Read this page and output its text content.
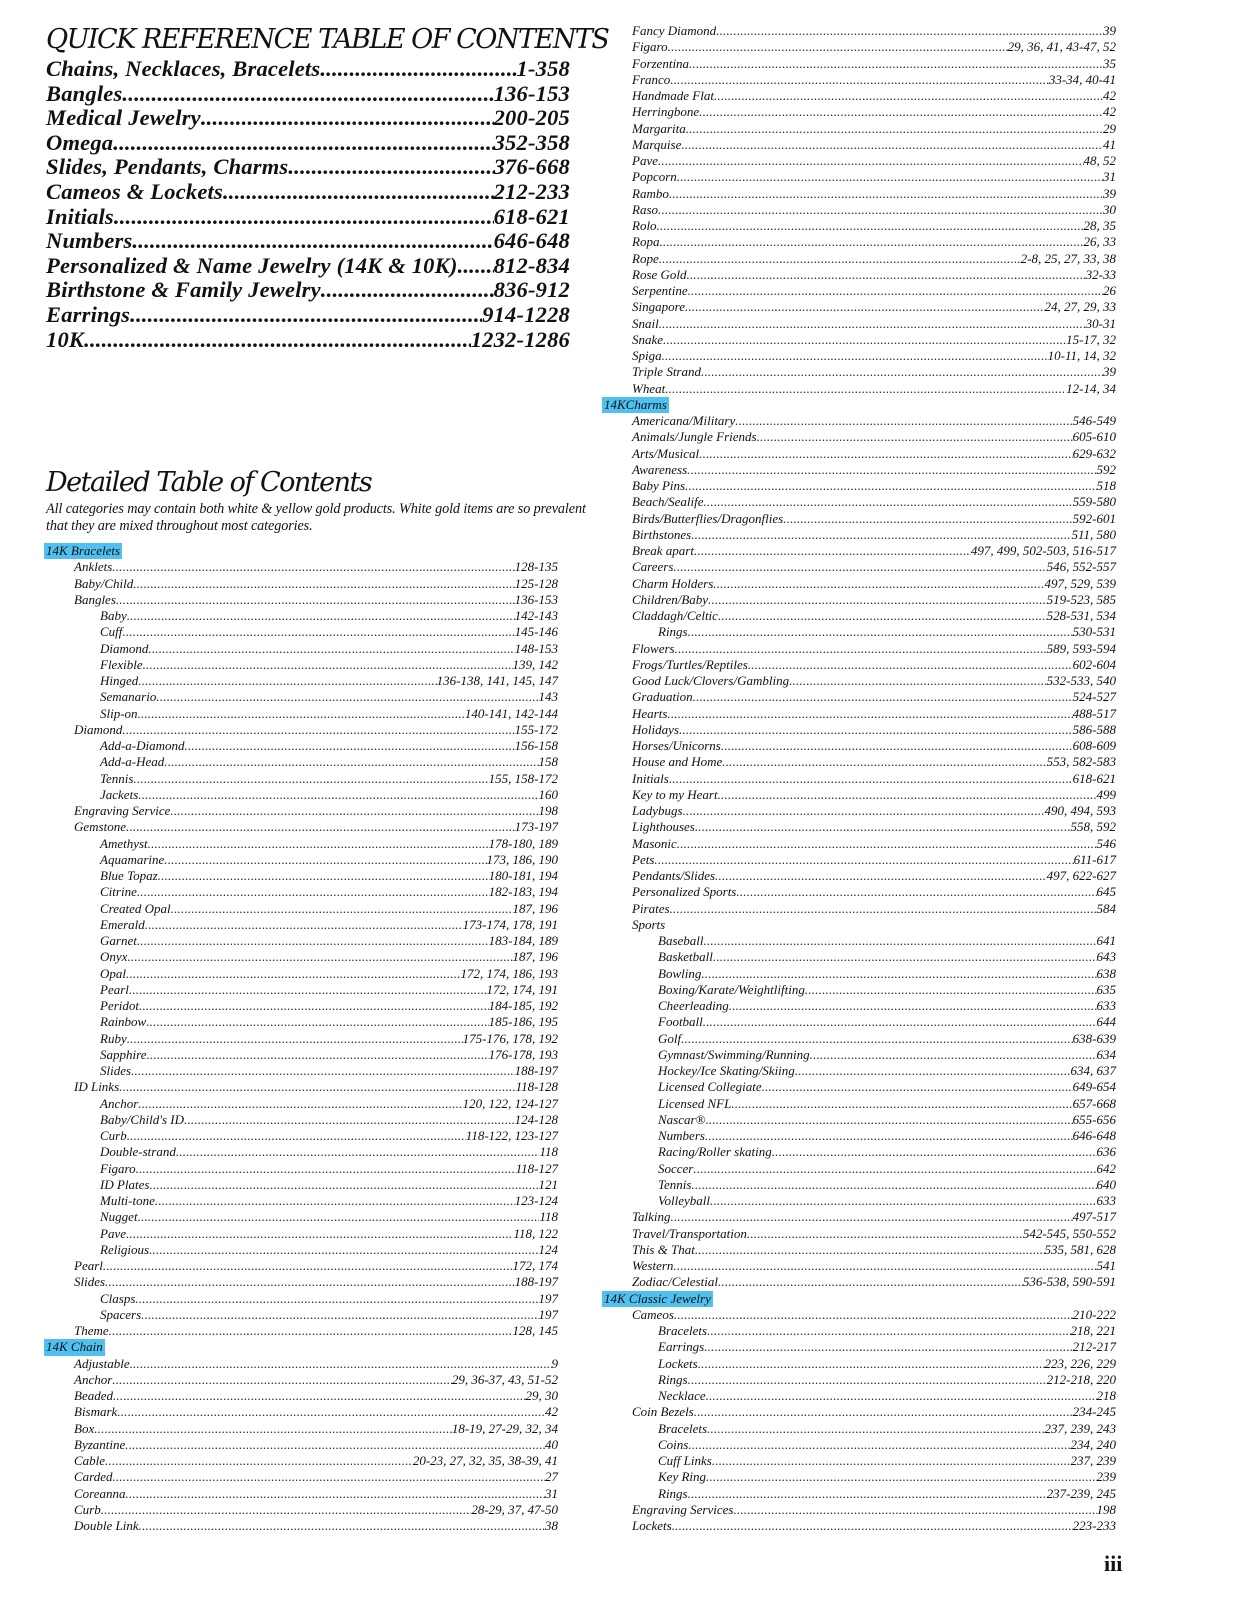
QUICK REFERENCE TABLE OF CONTENTS
Chains, Necklaces, Bracelets .....	1-358
Bangles .....	136-153
Medical Jewelry .....	200-205
Omega .....	352-358
Slides, Pendants, Charms .....	376-668
Cameos & Lockets .....	212-233
Initials .....	618-621
Numbers .....	646-648
Personalized & Name Jewelry (14K & 10K) ..... 812-834
Birthstone & Family Jewelry .....	836-912
Earrings .....	914-1228
10K .....	1232-1286
Detailed Table of Contents
All categories may contain both white & yellow gold products. White gold items are so prevalent that they are mixed throughout most categories.
14K Bracelets
Anklets .....	128-135
Baby/Child .....	125-128
Bangles .....	136-153
Baby .....	142-143
Cuff .....	145-146
Diamond .....	148-153
Flexible .....	139, 142
Hinged .....	136-138, 141, 145, 147
Semanario .....	143
Slip-on .....	140-141, 142-144
Diamond .....	155-172
Add-a-Diamond .....	156-158
Add-a-Head .....	158
Tennis .....	155, 158-172
Jackets .....	160
Engraving Service .....	198
Gemstone .....	173-197
Amethyst .....	178-180, 189
Aquamarine .....	173, 186, 190
Blue Topaz .....	180-181, 194
Citrine .....	182-183, 194
Created Opal .....	187, 196
Emerald .....	173-174, 178, 191
Garnet .....	183-184, 189
Onyx .....	187, 196
Opal .....	172, 174, 186, 193
Pearl .....	172, 174, 191
Peridot .....	184-185, 192
Rainbow .....	185-186, 195
Ruby .....	175-176, 178, 192
Sapphire .....	176-178, 193
Slides .....	188-197
ID Links .....	118-128
Anchor .....	120, 122, 124-127
Baby/Child's ID .....	124-128
Curb .....	118-122, 123-127
Double-strand .....	118
Figaro .....	118-127
ID Plates .....	121
Multi-tone .....	123-124
Nugget .....	118
Pave .....	118, 122
Religious .....	124
Pearl .....	172, 174
Slides .....	188-197
Clasps .....	197
Spacers .....	197
Theme .....	128, 145
14K Chain
Adjustable .....	9
Anchor .....	29, 36-37, 43, 51-52
Beaded .....	29, 30
Bismark .....	42
Box .....	18-19, 27-29, 32, 34
Byzantine .....	40
Cable .....	20-23, 27, 32, 35, 38-39, 41
Carded .....	27
Coreanna .....	31
Curb .....	28-29, 37, 47-50
Double Link .....	38
Fancy Diamond .....	39
Figaro .....	29, 36, 41, 43-47, 52
Forzentina .....	35
Franco .....	33-34, 40-41
Handmade Flat .....	42
Herringbone .....	42
Margarita .....	29
Marquise .....	41
Pave .....	48, 52
Popcorn .....	31
Rambo .....	39
Raso .....	30
Rolo .....	28, 35
Ropa .....	26, 33
Rope .....	2-8, 25, 27, 33, 38
Rose Gold .....	32-33
Serpentine .....	26
Singapore .....	24, 27, 29, 33
Snail .....	30-31
Snake .....	15-17, 32
Spiga .....	10-11, 14, 32
Triple Strand .....	39
Wheat .....	12-14, 34
14KCharms
Americana/Military .....	546-549
Animals/Jungle Friends .....	605-610
Arts/Musical .....	629-632
Awareness .....	592
Baby Pins .....	518
Beach/Sealife .....	559-580
Birds/Butterflies/Dragonflies .....	592-601
Birthstones .....	511, 580
Break apart .....	497, 499, 502-503, 516-517
Careers .....	546, 552-557
Charm Holders .....	497, 529, 539
Children/Baby .....	519-523, 585
Claddagh/Celtic .....	528-531, 534
Rings .....	530-531
Flowers .....	589, 593-594
Frogs/Turtles/Reptiles .....	602-604
Good Luck/Clovers/Gambling .....	532-533, 540
Graduation .....	524-527
Hearts .....	488-517
Holidays .....	586-588
Horses/Unicorns .....	608-609
House and Home .....	553, 582-583
Initials .....	618-621
Key to my Heart .....	499
Ladybugs .....	490, 494, 593
Lighthouses .....	558, 592
Masonic .....	546
Pets .....	611-617
Pendants/Slides .....	497, 622-627
Personalized Sports .....	645
Pirates .....	584
Sports
Baseball .....	641
Basketball .....	643
Bowling .....	638
Boxing/Karate/Weightlifting .....	635
Cheerleading .....	633
Football .....	644
Golf .....	638-639
Gymnast/Swimming/Running .....	634
Hockey/Ice Skating/Skiing .....	634, 637
Licensed Collegiate .....	649-654
Licensed NFL .....	657-668
Nascar® .....	655-656
Numbers .....	646-648
Racing/Roller skating .....	636
Soccer .....	642
Tennis .....	640
Volleyball .....	633
Talking .....	497-517
Travel/Transportation .....	542-545, 550-552
This & That .....	535, 581, 628
Western .....	541
Zodiac/Celestial .....	536-538, 590-591
14K Classic Jewelry
Cameos .....	210-222
Bracelets .....	218, 221
Earrings .....	212-217
Lockets .....	223, 226, 229
Rings .....	212-218, 220
Necklace .....	218
Coin Bezels .....	234-245
Bracelets .....	237, 239, 243
Coins .....	234, 240
Cuff Links .....	237, 239
Key Ring .....	239
Rings .....	237-239, 245
Engraving Services .....	198
Lockets .....	223-233
iii
